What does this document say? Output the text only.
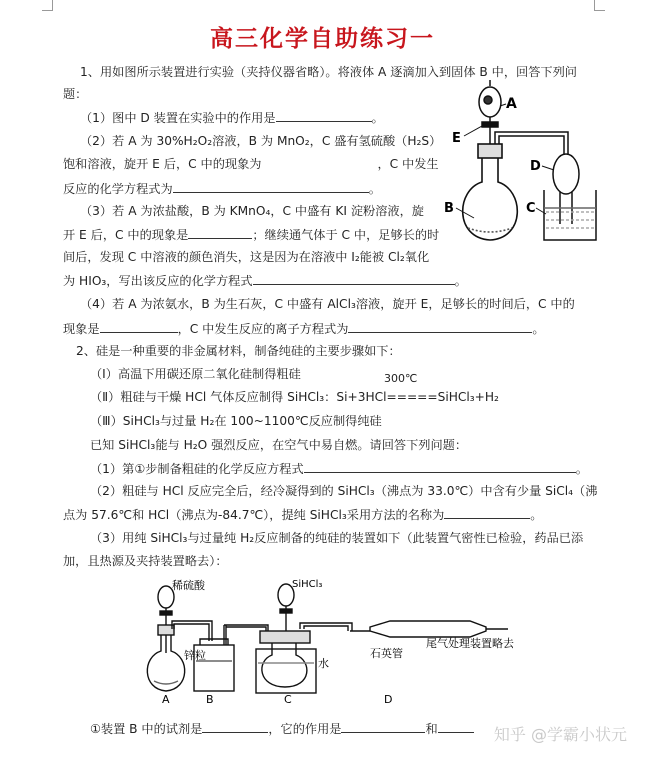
高三化学自助练习一
1、用如图所示装置进行实验（夹持仪器省略）。将液体 A 逐滴加入到固体 B 中，回答下列问
题：
（1）图中 D 装置在实验中的作用是	。
（2）若 A 为 30%H₂O₂溶液，B 为 MnO₂，C 盛有氢硫酸（H₂S）
饱和溶液，旋开 E 后，C 中的现象为	，C 中发生
反应的化学方程式为	。
（3）若 A 为浓盐酸，B 为 KMnO₄，C 中盛有 KI 淀粉溶液，旋
开 E 后，C 中的现象是	；继续通气体于 C 中，足够长的时
间后，发现 C 中溶液的颜色消失，这是因为在溶液中 I₂能被 Cl₂氧化
为 HIO₃，写出该反应的化学方程式	。
（4）若 A 为浓氨水，B 为生石灰，C 中盛有 AlCl₃溶液，旋开 E，足够长的时间后，C 中的
现象是	，C 中发生反应的离子方程式为	。
A
E
B
D
C
2、硅是一种重要的非金属材料，制备纯硅的主要步骤如下：
（Ⅰ）高温下用碳还原二氧化硅制得粗硅	300℃
（Ⅱ）粗硅与干燥 HCl 气体反应制得 SiHCl₃：Si+3HCl=====SiHCl₃+H₂
（Ⅲ）SiHCl₃与过量 H₂在 100~1100℃反应制得纯硅
已知 SiHCl₃能与 H₂O 强烈反应，在空气中易自燃。请回答下列问题：
（1）第①步制备粗硅的化学反应方程式	。
（2）粗硅与 HCl 反应完全后，经冷凝得到的 SiHCl₃（沸点为 33.0℃）中含有少量 SiCl₄（沸
点为 57.6℃和 HCl（沸点为-84.7℃），提纯 SiHCl₃采用方法的名称为	。
（3）用纯 SiHCl₃与过量纯 H₂反应制备的纯硅的装置如下（此装置气密性已检验，药品已添
加，且热源及夹持装置略去）：
稀硫酸	SiHCl₃
锌粒
水
石英管
尾气处理装置略去
A	B	C	D
①装置 B 中的试剂是	，它的作用是	和	知乎 @学霸小状元
